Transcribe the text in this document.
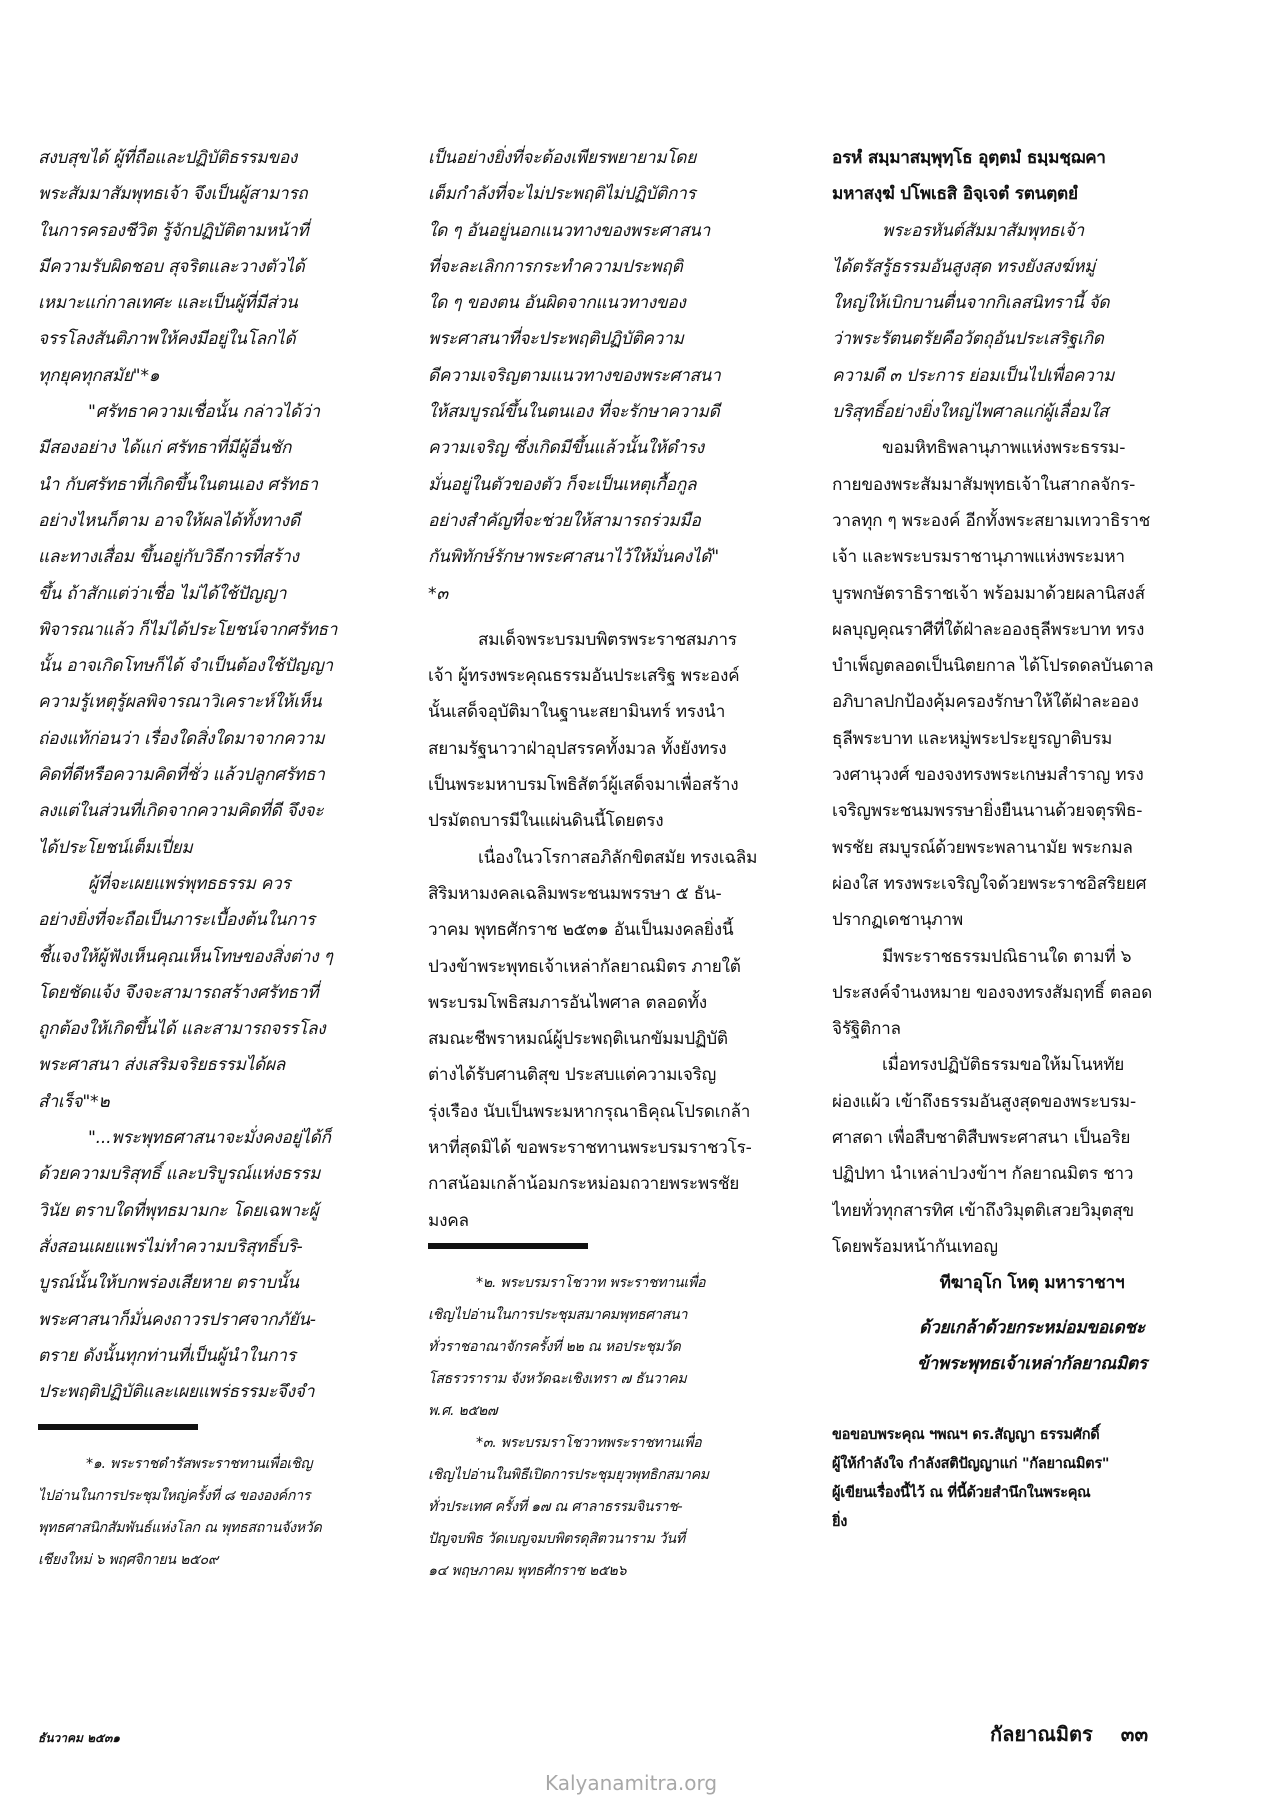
สงบสุขได้ ผู้ที่ถือและปฏิบัติธรรมของ
พระสัมมาสัมพุทธเจ้า จึงเป็นผู้สามารถ
ในการครองชีวิต รู้จักปฏิบัติตามหน้าที่
มีความรับผิดชอบ สุจริตและวางตัวได้
เหมาะแก่กาลเทศะ และเป็นผู้ที่มีส่วน
จรรโลงสันติภาพให้คงมีอยู่ในโลกได้
ทุกยุคทุกสมัย"*๑
"ศรัทธาความเชื่อนั้น กล่าวได้ว่า
มีสองอย่าง ได้แก่ ศรัทธาที่มีผู้อื่นชัก
นำ กับศรัทธาที่เกิดขึ้นในตนเอง ศรัทธา
อย่างไหนก็ตาม อาจให้ผลได้ทั้งทางดี
และทางเสื่อม ขึ้นอยู่กับวิธีการที่สร้าง
ขึ้น ถ้าสักแต่ว่าเชื่อ ไม่ได้ใช้ปัญญา
พิจารณาแล้ว ก็ไม่ได้ประโยชน์จากศรัทธา
นั้น อาจเกิดโทษก็ได้ จำเป็นต้องใช้ปัญญา
ความรู้เหตุรู้ผลพิจารณาวิเคราะห์ให้เห็น
ถ่องแท้ก่อนว่า เรื่องใดสิ่งใดมาจากความ
คิดที่ดีหรือความคิดที่ชั่ว แล้วปลูกศรัทธา
ลงแต่ในส่วนที่เกิดจากความคิดที่ดี จึงจะ
ได้ประโยชน์เต็มเปี่ยม
ผู้ที่จะเผยแพร่พุทธธรรม ควร
อย่างยิ่งที่จะถือเป็นภาระเบื้องต้นในการ
ชี้แจงให้ผู้ฟังเห็นคุณเห็นโทษของสิ่งต่าง ๆ
โดยชัดแจ้ง จึงจะสามารถสร้างศรัทธาที่
ถูกต้องให้เกิดขึ้นได้ และสามารถจรรโลง
พระศาสนา ส่งเสริมจริยธรรมได้ผล
สำเร็จ"*๒
"...พระพุทธศาสนาจะมั่งคงอยู่ได้ก็
ด้วยความบริสุทธิ์ และบริบูรณ์แห่งธรรม
วินัย ตราบใดที่พุทธมามกะ โดยเฉพาะผู้
สั่งสอนเผยแพร่ไม่ทำความบริสุทธิ์บริ-
บูรณ์นั้นให้บกพร่องเสียหาย ตราบนั้น
พระศาสนาก็มั่นคงถาวรปราศจากภัยัน-
ตราย ดังนั้นทุกท่านที่เป็นผู้นำในการ
ประพฤติปฏิบัติและเผยแพร่ธรรมะจึงจำ
*๑. พระราชดำรัสพระราชทานเพื่อเชิญ
ไปอ่านในการประชุมใหญ่ครั้งที่ ๘ ขององค์การ
พุทธศาสนิกสัมพันธ์แห่งโลก ณ พุทธสถานจังหวัด
เชียงใหม่ ๖ พฤศจิกายน ๒๕๐๙
เป็นอย่างยิ่งที่จะต้องเพียรพยายามโดย
เต็มกำลังที่จะไม่ประพฤติไม่ปฏิบัติการ
ใด ๆ อันอยู่นอกแนวทางของพระศาสนา
ที่จะละเลิกการกระทำความประพฤติ
ใด ๆ ของตน อันผิดจากแนวทางของ
พระศาสนาที่จะประพฤติปฏิบัติความ
ดีความเจริญตามแนวทางของพระศาสนา
ให้สมบูรณ์ขึ้นในตนเอง ที่จะรักษาความดี
ความเจริญ ซึ่งเกิดมีขึ้นแล้วนั้นให้ดำรง
มั่นอยู่ในตัวของตัว ก็จะเป็นเหตุเกื้อกูล
อย่างสำคัญที่จะช่วยให้สามารถร่วมมือ
กันพิทักษ์รักษาพระศาสนาไว้ให้มั่นคงได้"
*๓
สมเด็จพระบรมบพิตรพระราชสมภาร
เจ้า ผู้ทรงพระคุณธรรมอันประเสริฐ พระองค์
นั้นเสด็จอุบัติมาในฐานะสยามินทร์ ทรงนำ
สยามรัฐนาวาฝ่าอุปสรรคทั้งมวล ทั้งยังทรง
เป็นพระมหาบรมโพธิสัตว์ผู้เสด็จมาเพื่อสร้าง
ปรมัตถบารมีในแผ่นดินนี้โดยตรง
เนื่องในวโรกาสอภิลักขิตสมัย ทรงเฉลิม
สิริมหามงคลเฉลิมพระชนมพรรษา ๕ ธัน-
วาคม พุทธศักราช ๒๕๓๑ อันเป็นมงคลยิ่งนี้
ปวงข้าพระพุทธเจ้าเหล่ากัลยาณมิตร ภายใต้
พระบรมโพธิสมภารอันไพศาล ตลอดทั้ง
สมณะชีพราหมณ์ผู้ประพฤติเนกขัมมปฏิบัติ
ต่างได้รับศานติสุข ประสบแต่ความเจริญ
รุ่งเรือง นับเป็นพระมหากรุณาธิคุณโปรดเกล้า
หาที่สุดมิได้ ขอพระราชทานพระบรมราชวโร-
กาสน้อมเกล้าน้อมกระหม่อมถวายพระพรชัย
มงคล
*๒. พระบรมราโชวาท พระราชทานเพื่อ
เชิญไปอ่านในการประชุมสมาคมพุทธศาสนา
ทั่วราชอาณาจักรครั้งที่ ๒๒ ณ หอประชุมวัด
โสธรวราราม จังหวัดฉะเชิงเทรา ๗ ธันวาคม
พ.ศ. ๒๕๒๗
*๓. พระบรมราโชวาทพระราชทานเพื่อ
เชิญไปอ่านในพิธีเปิดการประชุมยุวพุทธิกสมาคม
ทั่วประเทศ ครั้งที่ ๑๗ ณ ศาลาธรรมจินราช-
ปัญจบพิธ วัดเบญจมบพิตรดุสิตวนาราม วันที่
๑๔ พฤษภาคม พุทธศักราช ๒๕๒๖
อรหํ สมฺมาสมฺพุทฺโธ อุตฺตมํ ธมฺมชฺฌคา
มหาสงฺฆํ ปโพเธสิ อิจฺเจตํ รตนตฺตยํ
พระอรหันต์สัมมาสัมพุทธเจ้า
ได้ตรัสรู้ธรรมอันสูงสุด ทรงยังสงฆ์หมู่
ใหญ่ให้เบิกบานตื่นจากกิเลสนิทรานี้ จัด
ว่าพระรัตนตรัยคือวัตถุอันประเสริฐเกิด
ความดี ๓ ประการ ย่อมเป็นไปเพื่อความ
บริสุทธิ์อย่างยิ่งใหญ่ไพศาลแก่ผู้เลื่อมใส
ขอมหิทธิพลานุภาพแห่งพระธรรม-
กายของพระสัมมาสัมพุทธเจ้าในสากลจักร-
วาลทุก ๆ พระองค์ อีกทั้งพระสยามเทวาธิราช
เจ้า และพระบรมราชานุภาพแห่งพระมหา
บูรพกษัตราธิราชเจ้า พร้อมมาด้วยผลานิสงส์
ผลบุญคุณราศีที่ใต้ฝ่าละอองธุลีพระบาท ทรง
บำเพ็ญตลอดเป็นนิตยกาล ได้โปรดดลบันดาล
อภิบาลปกป้องคุ้มครองรักษาให้ใต้ฝ่าละออง
ธุลีพระบาท และหมู่พระประยูรญาติบรม
วงศานุวงศ์ ของจงทรงพระเกษมสำราญ ทรง
เจริญพระชนมพรรษายิ่งยืนนานด้วยจตุรพิธ-
พรชัย สมบูรณ์ด้วยพระพลานามัย พระกมล
ผ่องใส ทรงพระเจริญใจด้วยพระราชอิสริยยศ
ปรากฏเดชานุภาพ
มีพระราชธรรมปณิธานใด ตามที่ ๖
ประสงค์จำนงหมาย ของจงทรงสัมฤทธิ์ ตลอด
จิรัฐิติกาล
เมื่อทรงปฏิบัติธรรมขอให้มโนหทัย
ผ่องแผ้ว เข้าถึงธรรมอันสูงสุดของพระบรม-
ศาสดา เพื่อสืบชาติสืบพระศาสนา เป็นอริย
ปฏิปทา นำเหล่าปวงข้าฯ กัลยาณมิตร ชาว
ไทยทั่วทุกสารทิศ เข้าถึงวิมุตติเสวยวิมุตสุข
โดยพร้อมหน้ากันเทอญ
ทีฆาอุโก โหตุ มหาราชาฯ
ด้วยเกล้าด้วยกระหม่อมขอเดชะ
ข้าพระพุทธเจ้าเหล่ากัลยาณมิตร
ขอขอบพระคุณ ฯพณฯ ดร.สัญญา ธรรมศักดิ์
ผู้ให้กำลังใจ กำลังสติปัญญาแก่ "กัลยาณมิตร"
ผู้เขียนเรื่องนี้ไว้ ณ ที่นี้ด้วยสำนึกในพระคุณ
ยิ่ง
ธันวาคม ๒๕๓๑	กัลยาณมิตร ๓๓
Kalyanamitra.org
